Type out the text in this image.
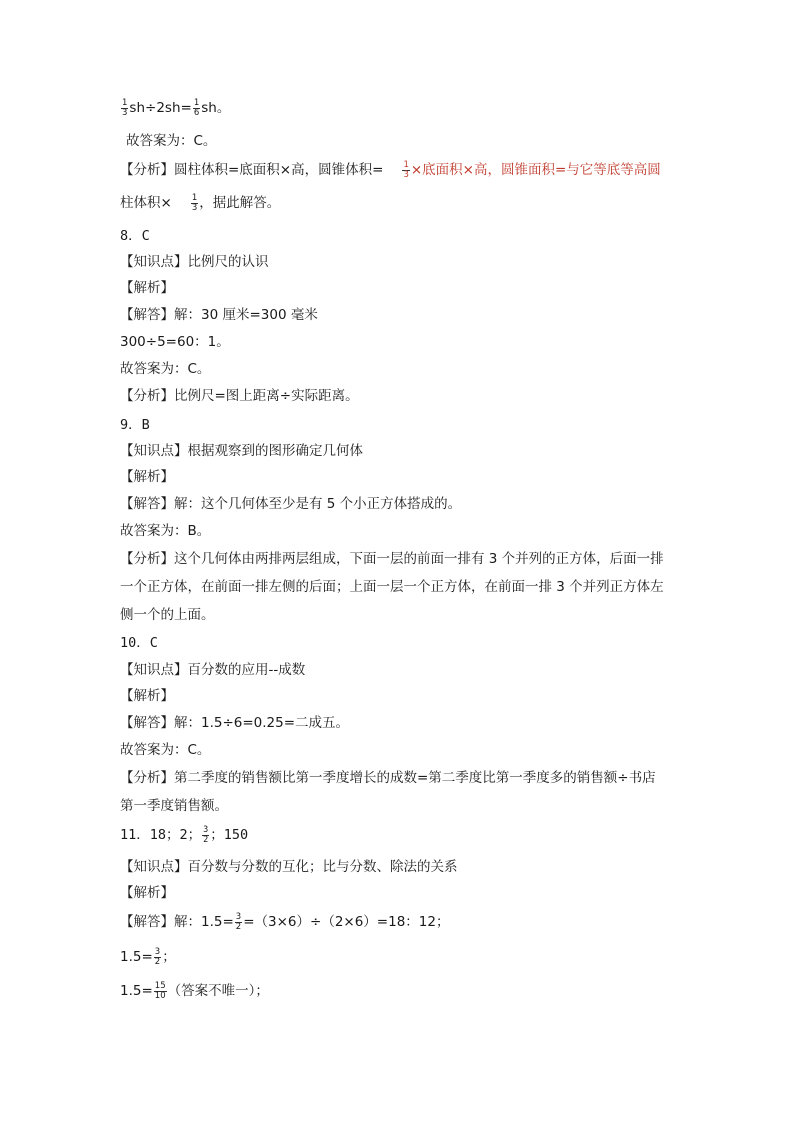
$\frac{1}{3} sh\div 2sh= \frac{1}{6}$ sh。
故答案为：C。
【分析】圆柱体积=底面积×高，圆锥体积= $\frac{1}{3}$ ×底面积×高，圆锥面积=与它等底等高圆
柱体积× $\frac{1}{3}$ ，据此解答。
8．C
【知识点】比例尺的认识
【解析】
【解答】解：30 厘米=300 毫米
300÷5=60：1。
故答案为：C。
【分析】比例尺=图上距离÷实际距离。
9．B
【知识点】根据观察到的图形确定几何体
【解析】
【解答】解：这个几何体至少是有 5 个小正方体搭成的。
故答案为：B。
【分析】这个几何体由两排两层组成，下面一层的前面一排有 3 个并列的正方体，后面一排
一个正方体，在前面一排左侧的后面；上面一层一个正方体，在前面一排 3 个并列正方体左
侧一个的上面。
10．C
【知识点】百分数的应用--成数
【解析】
【解答】解：1.5÷6=0.25=二成五。
故答案为：C。
【分析】第二季度的销售额比第一季度增长的成数=第二季度比第一季度多的销售额÷书店
第一季度销售额。
11．18；2； $\frac{3}{2}$ ；150
【知识点】百分数与分数的互化；比与分数、除法的关系
【解析】
【解答】解：$1.5= \frac{3}{2} =(3\times 6)\div(2\times 6)=18$：12；
$1.5= \frac{3}{2}$ ；
$1.5= \frac{15}{10}$ （答案不唯一）；
